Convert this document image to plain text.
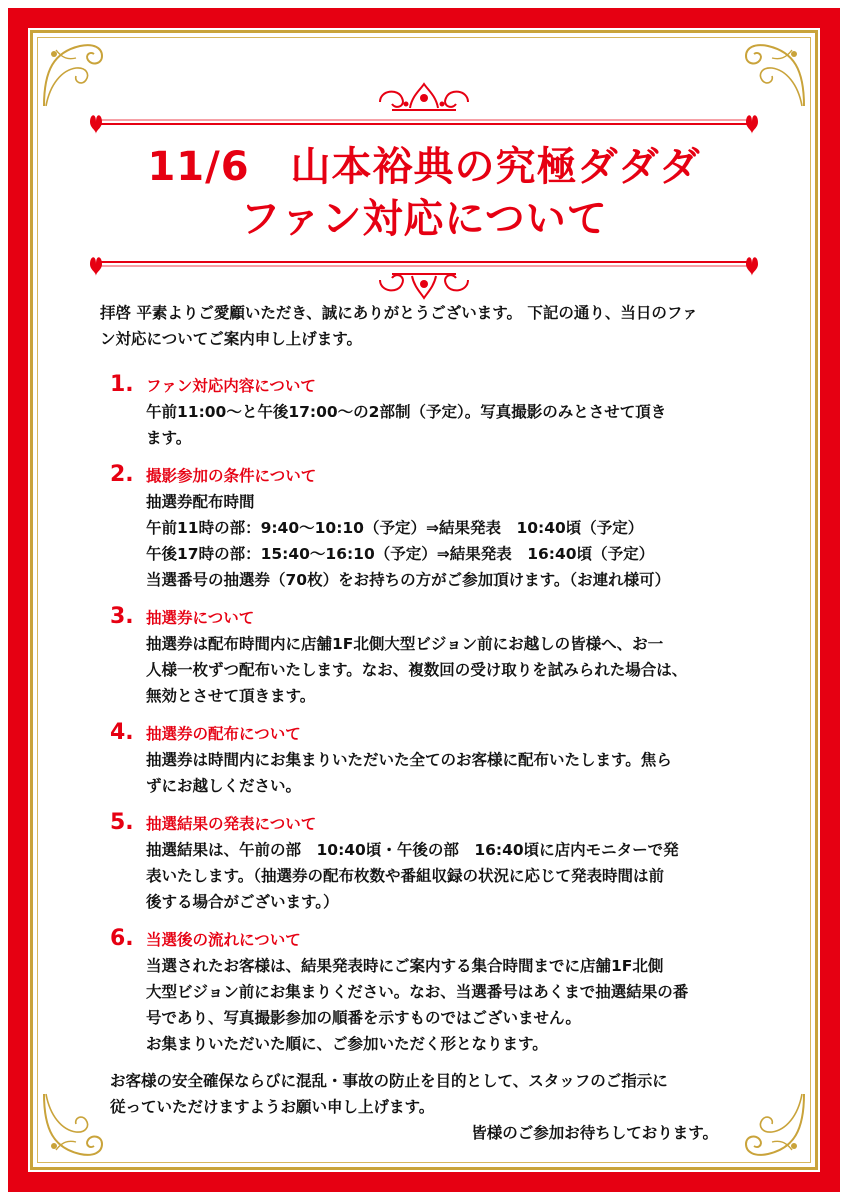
11/6　山本裕典の究極ダダダ
ファン対応について
拝啓 平素よりご愛顧いただき、誠にありがとうございます。 下記の通り、当日のファ
ン対応についてご案内申し上げます。
1. ファン対応内容について
午前11:00〜と午後17:00〜の2部制（予定）。写真撮影のみとさせて頂き
ます。
2. 撮影参加の条件について
抽選券配布時間
午前11時の部：9:40〜10:10（予定）⇒結果発表　10:40頃（予定）
午後17時の部：15:40〜16:10（予定）⇒結果発表　16:40頃（予定）
当選番号の抽選券（70枚）をお持ちの方がご参加頂けます。（お連れ様可）
3. 抽選券について
抽選券は配布時間内に店舗1F北側大型ビジョン前にお越しの皆様へ、お一
人様一枚ずつ配布いたします。なお、複数回の受け取りを試みられた場合は、
無効とさせて頂きます。
4. 抽選券の配布について
抽選券は時間内にお集まりいただいた全てのお客様に配布いたします。焦ら
ずにお越しください。
5. 抽選結果の発表について
抽選結果は、午前の部　10:40頃・午後の部　16:40頃に店内モニターで発
表いたします。（抽選券の配布枚数や番組収録の状況に応じて発表時間は前
後する場合がございます。）
6. 当選後の流れについて
当選されたお客様は、結果発表時にご案内する集合時間までに店舗1F北側
大型ビジョン前にお集まりください。なお、当選番号はあくまで抽選結果の番
号であり、写真撮影参加の順番を示すものではございません。
お集まりいただいた順に、ご参加いただく形となります。
お客様の安全確保ならびに混乱・事故の防止を目的として、スタッフのご指示に
従っていただけますようお願い申し上げます。
皆様のご参加お待ちしております。
